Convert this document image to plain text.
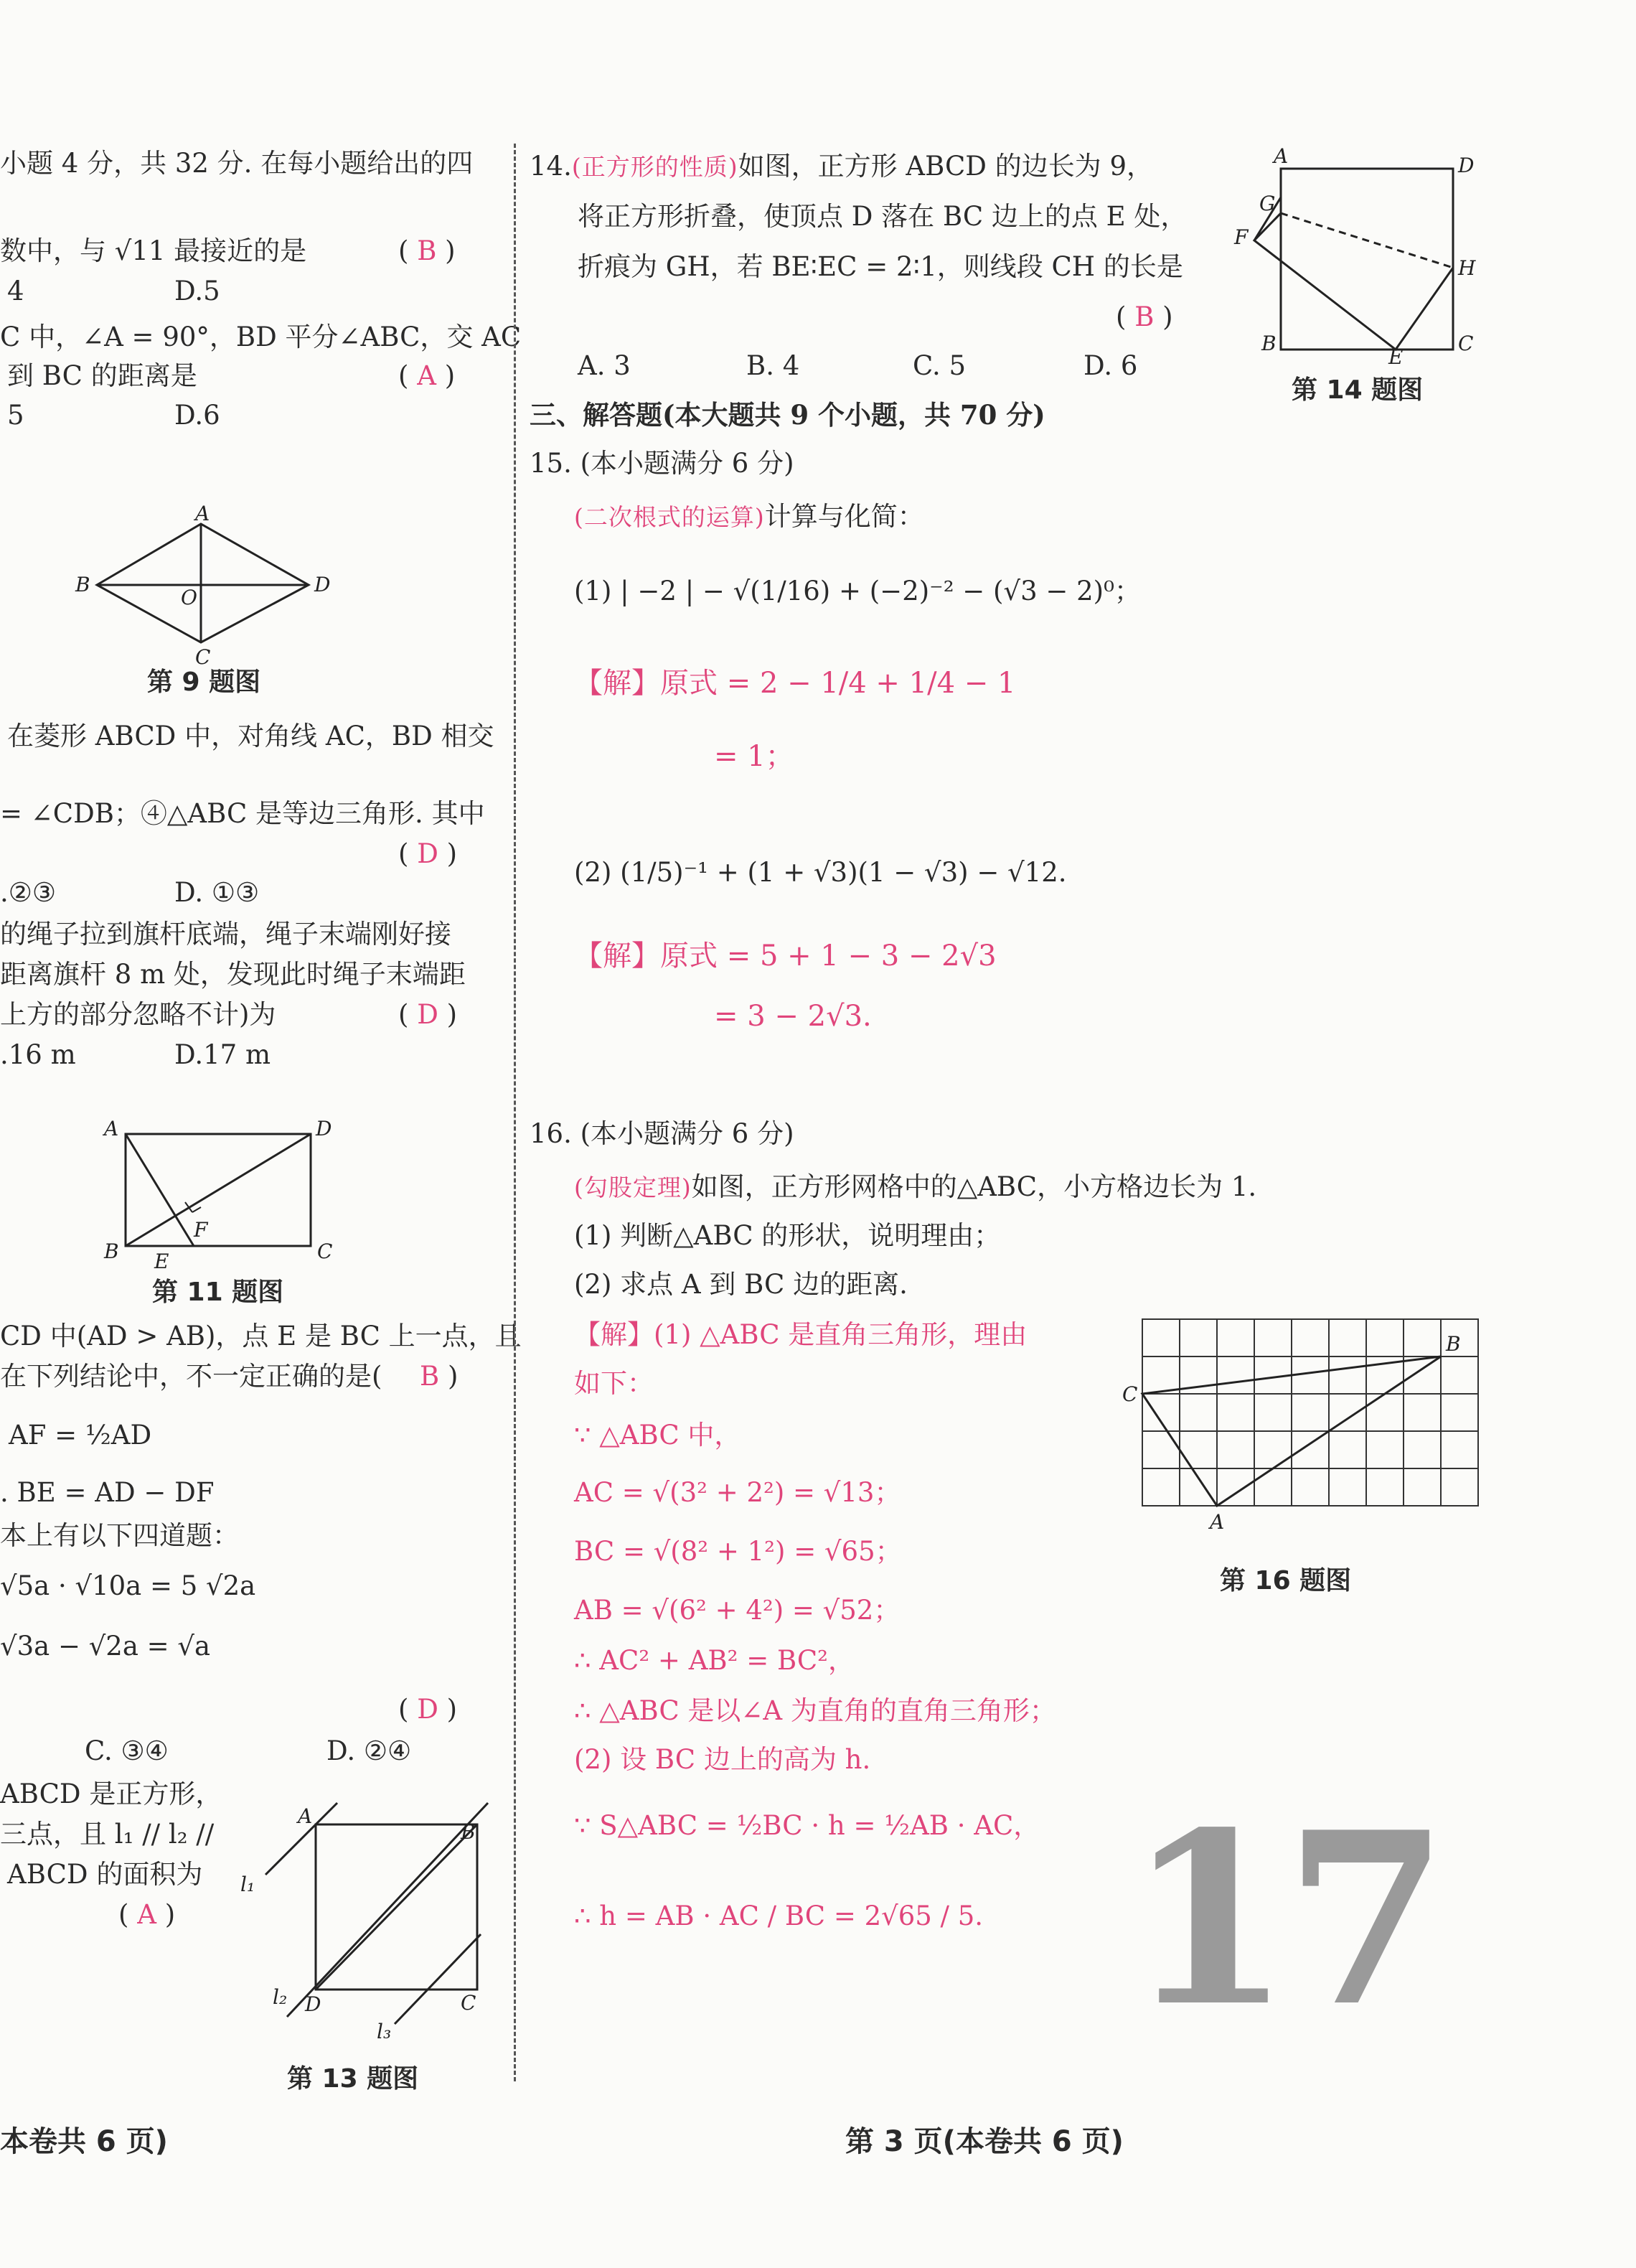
小题 4 分，共 32 分. 在每小题给出的四
数中，与 √11 最接近的是	( B )
4	D.5
C 中，∠A = 90°，BD 平分∠ABC，交 AC
到 BC 的距离是	( A )
5	D.6
A
B
C
D
O
第 9 题图
在菱形 ABCD 中，对角线 AC，BD 相交
= ∠CDB；④△ABC 是等边三角形. 其中
( D )
.②③	D. ①③
的绳子拉到旗杆底端，绳子末端刚好接
距离旗杆 8 m 处，发现此时绳子末端距
上方的部分忽略不计)为	( D )
.16 m	D.17 m
A	D
B	C
E
F
第 11 题图
CD 中(AD > AB)，点 E 是 BC 上一点，且
在下列结论中，不一定正确的是( B )
AF = ½AD
. BE = AD − DF
本上有以下四道题：
√5a · √10a = 5 √2a
√3a − √2a = √a
( D )
C. ③④	D. ②④
ABCD 是正方形，
三点，且 l₁ // l₂ //
ABCD 的面积为
( A )
A
B
C
D
l₁
l₂
l₃
第 13 题图
14.(正方形的性质)如图，正方形 ABCD 的边长为 9，
将正方形折叠，使顶点 D 落在 BC 边上的点 E 处，
折痕为 GH，若 BE∶EC = 2∶1，则线段 CH 的长是
( B )
A. 3	B. 4	C. 5	D. 6
A	D
G
F
H
B
E
C
第 14 题图
三、解答题(本大题共 9 个小题，共 70 分)
15. (本小题满分 6 分)
(二次根式的运算)计算与化简：
(1) | −2 | − √(1/16) + (−2)⁻² − (√3 − 2)⁰；
【解】原式 = 2 − 1/4 + 1/4 − 1
= 1；
(2) (1/5)⁻¹ + (1 + √3)(1 − √3) − √12.
【解】原式 = 5 + 1 − 3 − 2√3
= 3 − 2√3.
16. (本小题满分 6 分)
(勾股定理)如图，正方形网格中的△ABC，小方格边长为 1.
(1) 判断△ABC 的形状，说明理由；
(2) 求点 A 到 BC 边的距离.
【解】(1) △ABC 是直角三角形，理由
如下：
∵ △ABC 中，
AC = √(3² + 2²) = √13；
BC = √(8² + 1²) = √65；
AB = √(6² + 4²) = √52；
∴ AC² + AB² = BC²，
∴ △ABC 是以∠A 为直角的直角三角形；
(2) 设 BC 边上的高为 h.
∵ S△ABC = ½BC · h = ½AB · AC，
∴ h = AB · AC / BC = 2√65 / 5.
B
C
A
第 16 题图
17
本卷共 6 页)	第 3 页(本卷共 6 页)
